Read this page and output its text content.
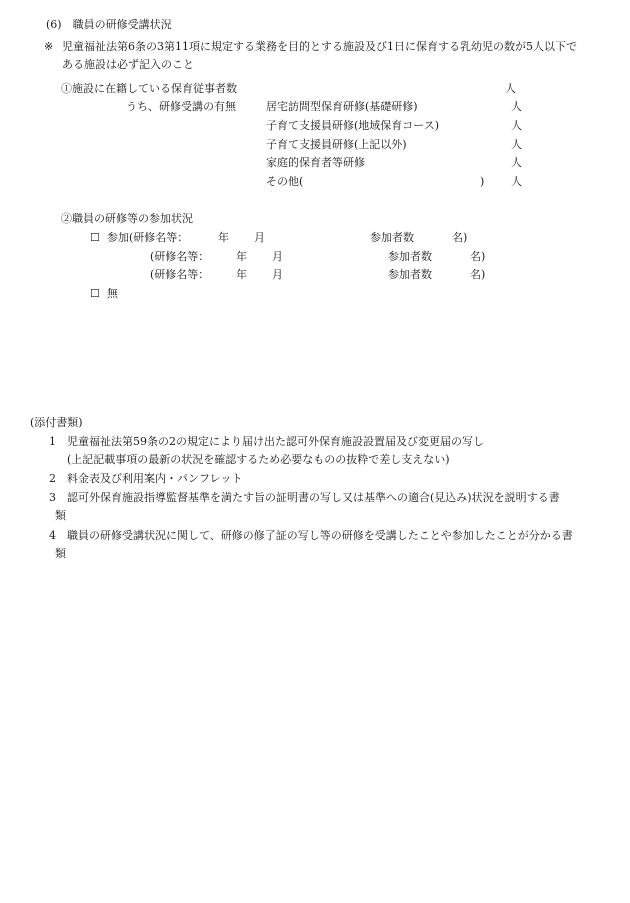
(6)　職員の研修受講状況
※ 児童福祉法第6条の3第11項に規定する業務を目的とする施設及び1日に保育する乳幼児の数が5人以下で
ある施設は必ず記入のこと
①施設に在籍している保育従事者数	人
うち、研修受講の有無	居宅訪問型保育研修(基礎研修)	人
子育て支援員研修(地域保育コース)	人
子育て支援員研修(上記以外)	人
家庭的保育者等研修	人
その他(	) 人
②職員の研修等の参加状況
☐ 参加(研修名等：	年 月	参加者数	名)
(研修名等： 年 月	参加者数	名)
(研修名等： 年 月	参加者数	名)
☐ 無
(添付書類)
1 児童福祉法第59条の2の規定により届け出た認可外保育施設設置届及び変更届の写し
(上記記載事項の最新の状況を確認するため必要なものの抜粋で差し支えない)
2 料金表及び利用案内・パンフレット
3 認可外保育施設指導監督基準を満たす旨の証明書の写し又は基準への適合(見込み)状況を説明する書
類
4 職員の研修受講状況に関して、研修の修了証の写し等の研修を受講したことや参加したことが分かる書
類
